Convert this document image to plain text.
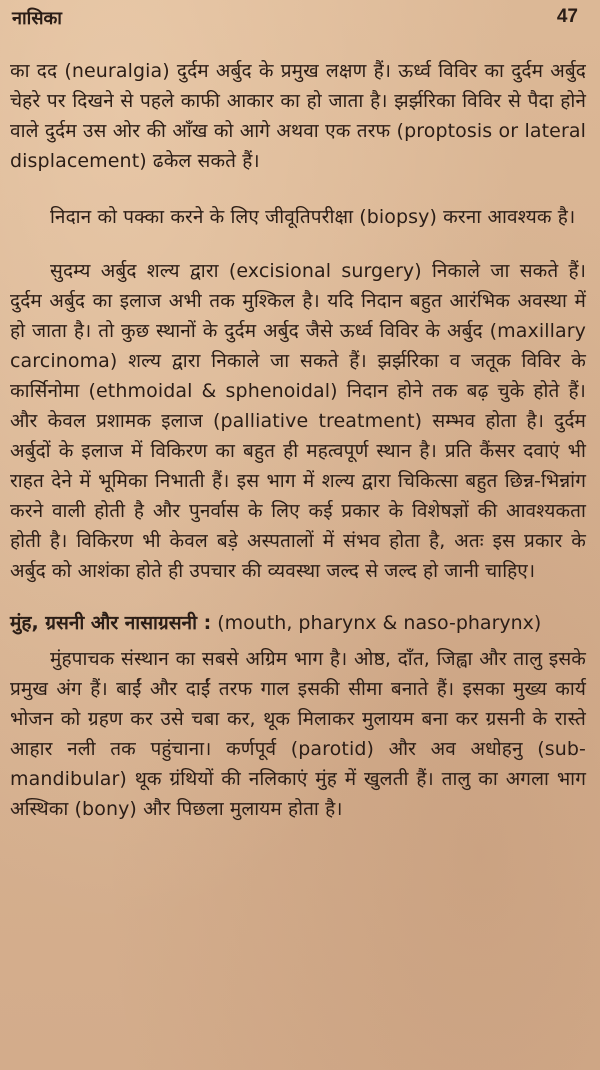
नासिका	47

का दद (neuralgia) दुर्दम अर्बुद के प्रमुख लक्षण हैं। ऊर्ध्व विविर का दुर्दम अर्बुद चेहरे पर दिखने से पहले काफी आकार का हो जाता है। झर्झरिका विविर से पैदा होने वाले दुर्दम उस ओर की आँख को आगे अथवा एक तरफ (proptosis or lateral displacement) ढकेल सकते हैं।

निदान को पक्का करने के लिए जीवूतिपरीक्षा (biopsy) करना आवश्यक है।

सुदम्य अर्बुद शल्य द्वारा (excisional surgery) निकाले जा सकते हैं। दुर्दम अर्बुद का इलाज अभी तक मुश्किल है। यदि निदान बहुत आरंभिक अवस्था में हो जाता है। तो कुछ स्थानों के दुर्दम अर्बुद जैसे ऊर्ध्व विविर के अर्बुद (maxillary carcinoma) शल्य द्वारा निकाले जा सकते हैं। झर्झरिका व जतूक विविर के कार्सिनोमा (ethmoidal & sphenoidal) निदान होने तक बढ़ चुके होते हैं। और केवल प्रशामक इलाज (palliative treatment) सम्भव होता है। दुर्दम अर्बुदों के इलाज में विकिरण का बहुत ही महत्वपूर्ण स्थान है। प्रति कैंसर दवाएं भी राहत देने में भूमिका निभाती हैं। इस भाग में शल्य द्वारा चिकित्सा बहुत छिन्न-भिन्नांग करने वाली होती है और पुनर्वास के लिए कई प्रकार के विशेषज्ञों की आवश्यकता होती है। विकिरण भी केवल बड़े अस्पतालों में संभव होता है, अतः इस प्रकार के अर्बुद को आशंका होते ही उपचार की व्यवस्था जल्द से जल्द हो जानी चाहिए।

मुंह, ग्रसनी और नासाग्रसनी : (mouth, pharynx & naso-pharynx)

मुंहपाचक संस्थान का सबसे अग्रिम भाग है। ओष्ठ, दाँत, जिह्वा और तालु इसके प्रमुख अंग हैं। बाईं और दाईं तरफ गाल इसकी सीमा बनाते हैं। इसका मुख्य कार्य भोजन को ग्रहण कर उसे चबा कर, थूक मिलाकर मुलायम बना कर ग्रसनी के रास्ते आहार नली तक पहुंचाना। कर्णपूर्व (parotid) और अव अधोहनु (sub-mandibular) थूक ग्रंथियों की नलिकाएं मुंह में खुलती हैं। तालु का अगला भाग अस्थिका (bony) और पिछला मुलायम होता है।
